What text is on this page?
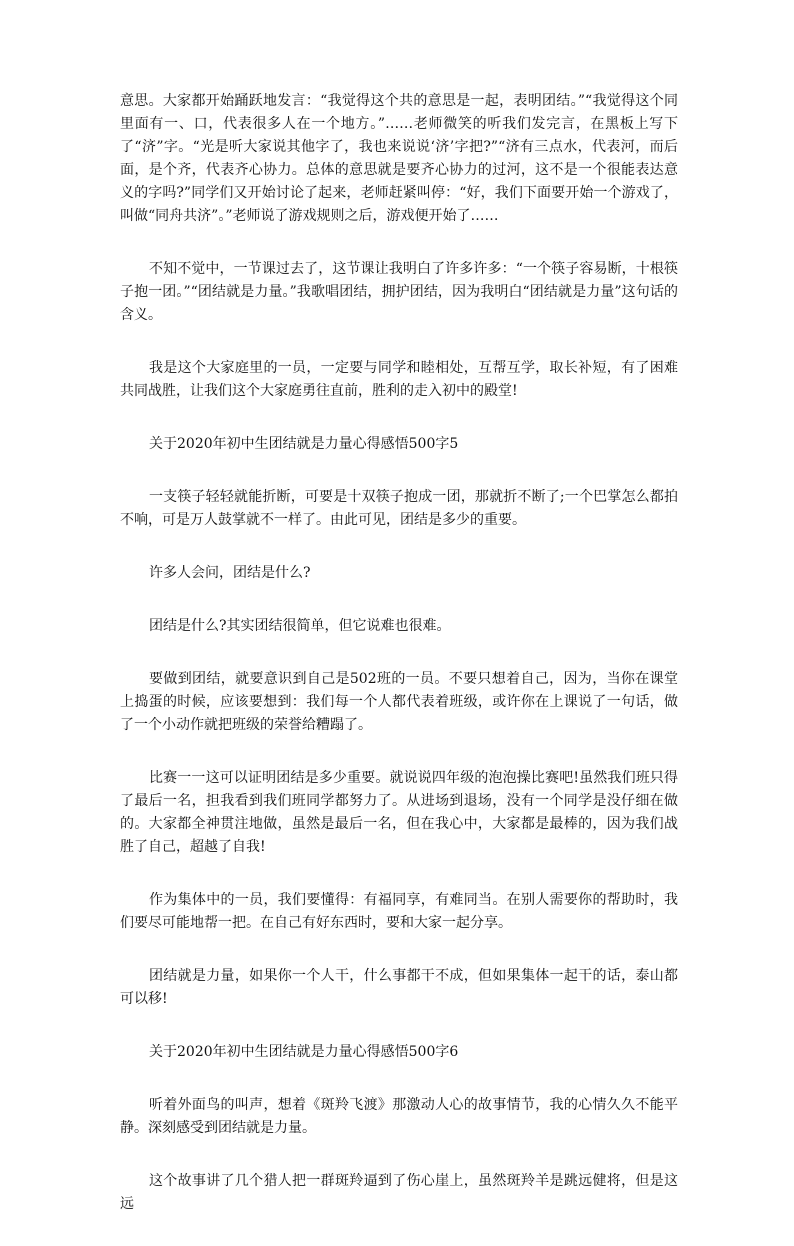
意思。大家都开始踊跃地发言：“我觉得这个共的意思是一起，表明团结。”“我觉得这个同里面有一、口，代表很多人在一个地方。”……老师微笑的听我们发完言，在黑板上写下了“济”字。“光是听大家说其他字了，我也来说说‘济’字把?”“济有三点水，代表河，而后面，是个齐，代表齐心协力。总体的意思就是要齐心协力的过河，这不是一个很能表达意义的字吗?”同学们又开始讨论了起来，老师赶紧叫停：“好，我们下面要开始一个游戏了，叫做“同舟共济”。”老师说了游戏规则之后，游戏便开始了……

不知不觉中，一节课过去了，这节课让我明白了许多许多：“一个筷子容易断，十根筷子抱一团。”“团结就是力量。”我歌唱团结，拥护团结，因为我明白“团结就是力量”这句话的含义。

我是这个大家庭里的一员，一定要与同学和睦相处，互帮互学，取长补短，有了困难共同战胜，让我们这个大家庭勇往直前，胜利的走入初中的殿堂!

关于2020年初中生团结就是力量心得感悟500字5

一支筷子轻轻就能折断，可要是十双筷子抱成一团，那就折不断了;一个巴掌怎么都拍不响，可是万人鼓掌就不一样了。由此可见，团结是多少的重要。

许多人会问，团结是什么?

团结是什么?其实团结很简单，但它说难也很难。

要做到团结，就要意识到自己是502班的一员。不要只想着自己，因为，当你在课堂上捣蛋的时候，应该要想到：我们每一个人都代表着班级，或许你在上课说了一句话，做了一个小动作就把班级的荣誉给糟蹋了。

比赛一一这可以证明团结是多少重要。就说说四年级的泡泡操比赛吧!虽然我们班只得了最后一名，担我看到我们班同学都努力了。从进场到退场，没有一个同学是没仔细在做的。大家都全神贯注地做，虽然是最后一名，但在我心中，大家都是最棒的，因为我们战胜了自己，超越了自我!

作为集体中的一员，我们要懂得：有福同享，有难同当。在别人需要你的帮助时，我们要尽可能地帮一把。在自己有好东西时，要和大家一起分享。

团结就是力量，如果你一个人干，什么事都干不成，但如果集体一起干的话，泰山都可以移!

关于2020年初中生团结就是力量心得感悟500字6

听着外面鸟的叫声，想着《斑羚飞渡》那激动人心的故事情节，我的心情久久不能平静。深刻感受到团结就是力量。

这个故事讲了几个猎人把一群斑羚逼到了伤心崖上，虽然斑羚羊是跳远健将，但是这远
